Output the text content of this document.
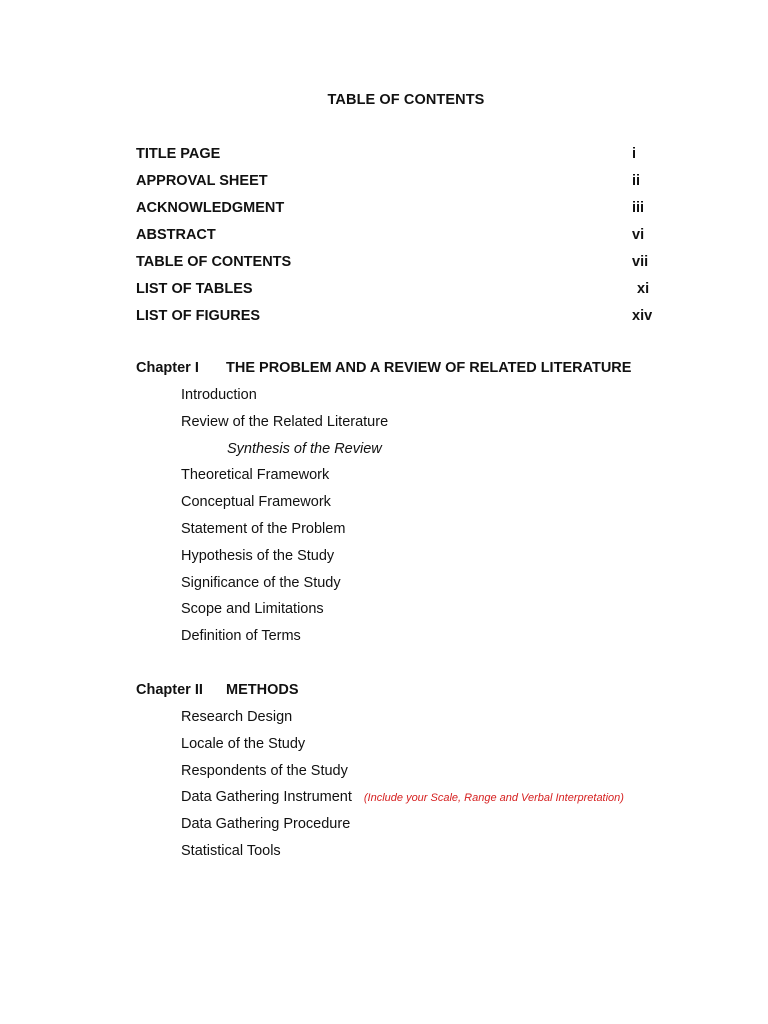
TABLE OF CONTENTS
TITLE PAGE	i
APPROVAL SHEET	ii
ACKNOWLEDGMENT	iii
ABSTRACT	vi
TABLE OF CONTENTS	vii
LIST OF TABLES	xi
LIST OF FIGURES	xiv
Chapter I THE PROBLEM AND A REVIEW OF RELATED LITERATURE
Introduction
Review of the Related Literature
Synthesis of the Review
Theoretical Framework
Conceptual Framework
Statement of the Problem
Hypothesis of the Study
Significance of the Study
Scope and Limitations
Definition of Terms
Chapter II METHODS
Research Design
Locale of the Study
Respondents of the Study
Data Gathering Instrument (Include your Scale, Range and Verbal Interpretation)
Data Gathering Procedure
Statistical Tools
